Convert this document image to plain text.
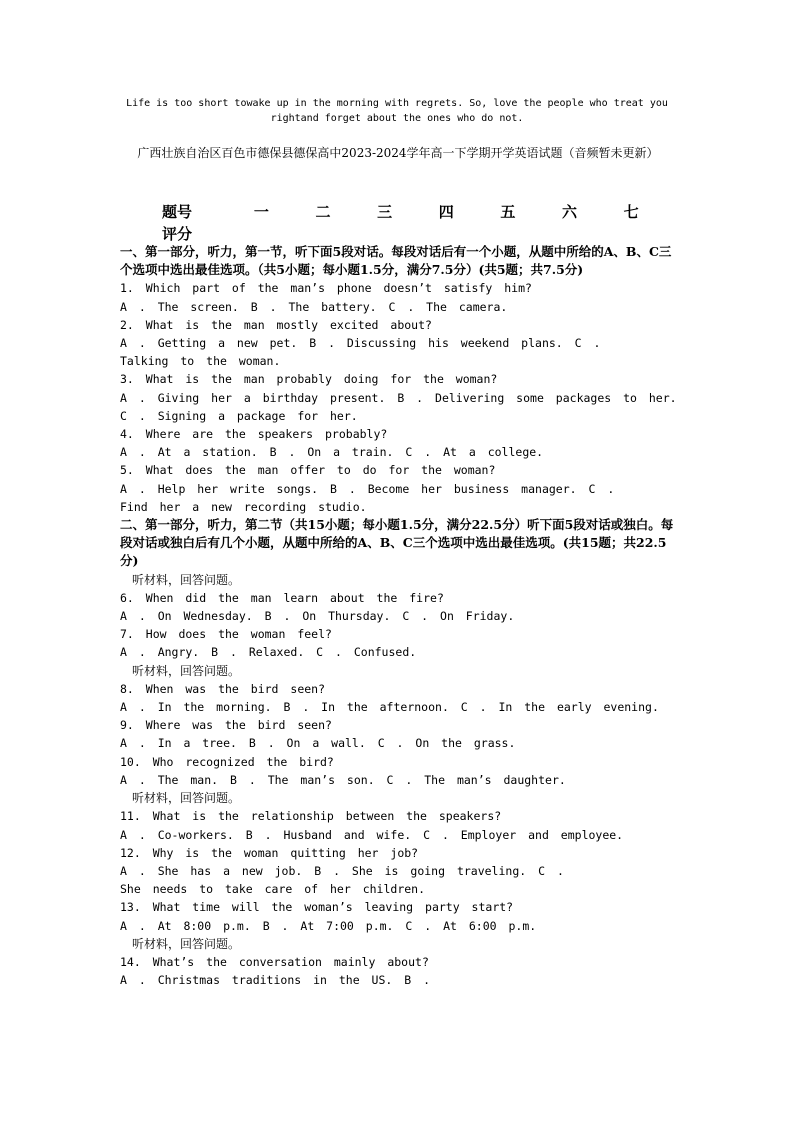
Life is too short towake up in the morning with regrets. So, love the people who treat you rightand forget about the ones who do not.
广西壮族自治区百色市德保县德保高中2023-2024学年高一下学期开学英语试题（音频暂未更新）
题号	一	二	三	四	五	六	七
评分
一、第一部分，听力，第一节，听下面5段对话。每段对话后有一个小题，从题中所给的A、B、C三个选项中选出最佳选项。（共5小题；每小题1.5分，满分7.5分）(共5题；共7.5分)
1. Which part of the man’s phone doesn’t satisfy him?
A . The screen. B . The battery. C . The camera.
2. What is the man mostly excited about?
A . Getting a new pet. B . Discussing his weekend plans. C .
Talking to the woman.
3. What is the man probably doing for the woman?
A . Giving her a birthday present. B . Delivering some packages to her.
C . Signing a package for her.
4. Where are the speakers probably?
A . At a station. B . On a train. C . At a college.
5. What does the man offer to do for the woman?
A . Help her write songs. B . Become her business manager. C .
Find her a new recording studio.
二、第一部分，听力，第二节（共15小题；每小题1.5分，满分22.5分）听下面5段对话或独白。每段对话或独白后有几个小题，从题中所给的A、B、C三个选项中选出最佳选项。(共15题；共22.5分)
听材料，回答问题。
6. When did the man learn about the fire?
A . On Wednesday. B . On Thursday. C . On Friday.
7. How does the woman feel?
A . Angry. B . Relaxed. C . Confused.
听材料，回答问题。
8. When was the bird seen?
A . In the morning. B . In the afternoon. C . In the early evening.
9. Where was the bird seen?
A . In a tree. B . On a wall. C . On the grass.
10. Who recognized the bird?
A . The man. B . The man’s son. C . The man’s daughter.
听材料，回答问题。
11. What is the relationship between the speakers?
A . Co-workers. B . Husband and wife. C . Employer and employee.
12. Why is the woman quitting her job?
A . She has a new job. B . She is going traveling. C .
She needs to take care of her children.
13. What time will the woman’s leaving party start?
A . At 8:00 p.m. B . At 7:00 p.m. C . At 6:00 p.m.
听材料，回答问题。
14. What’s the conversation mainly about?
A . Christmas traditions in the US. B .
